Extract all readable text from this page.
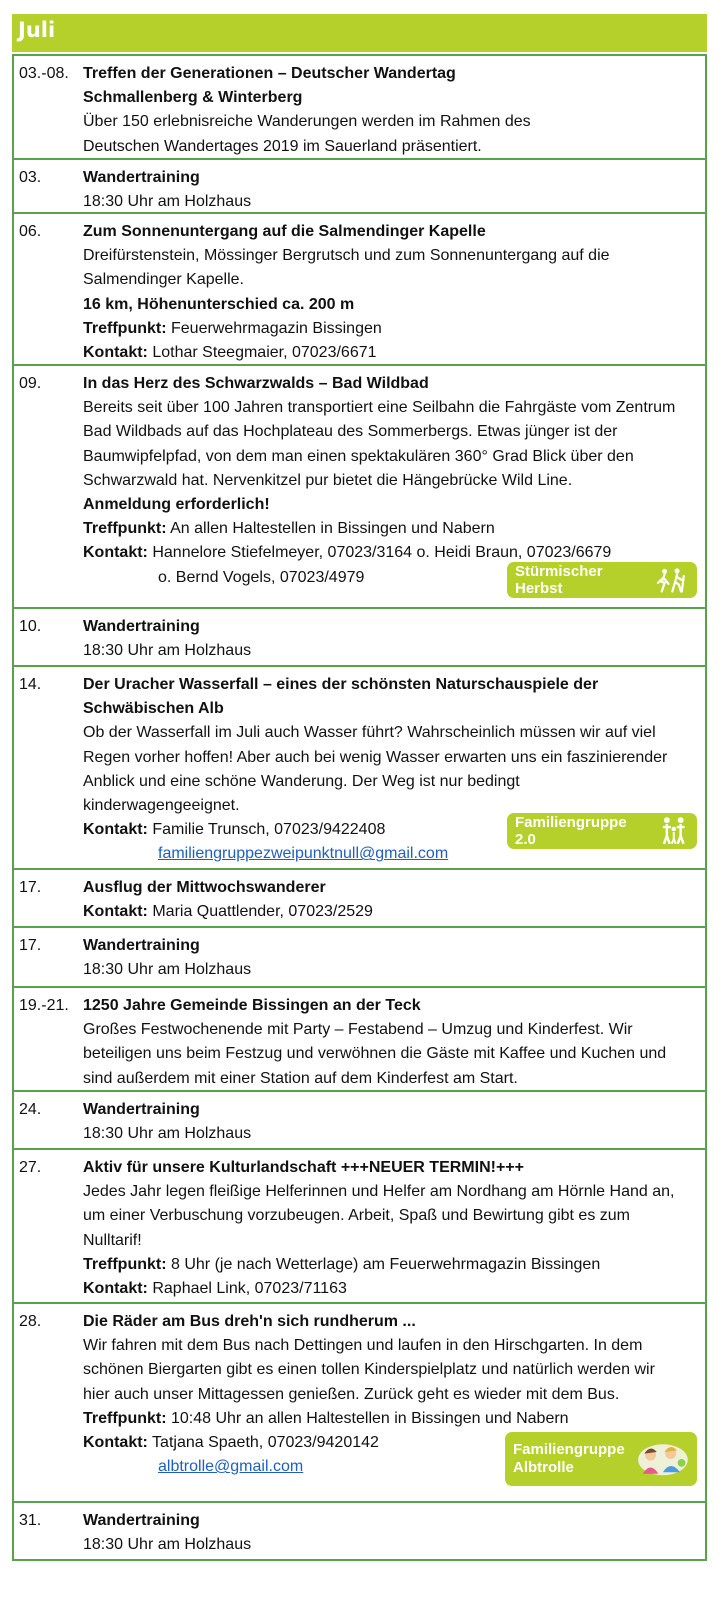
Juli
03.-08. Treffen der Generationen – Deutscher Wandertag
Schmallenberg & Winterberg
Über 150 erlebnisreiche Wanderungen werden im Rahmen des
Deutschen Wandertages 2019 im Sauerland präsentiert.
03.	Wandertraining
18:30 Uhr am Holzhaus
06.	Zum Sonnenuntergang auf die Salmendinger Kapelle
Dreifürstenstein, Mössinger Bergrutsch und zum Sonnenuntergang auf die
Salmendinger Kapelle.
16 km, Höhenunterschied ca. 200 m
Treffpunkt: Feuerwehrmagazin Bissingen
Kontakt: Lothar Steegmaier, 07023/6671
09.	In das Herz des Schwarzwalds – Bad Wildbad
Bereits seit über 100 Jahren transportiert eine Seilbahn die Fahrgäste vom Zentrum
Bad Wildbads auf das Hochplateau des Sommerbergs. Etwas jünger ist der
Baumwipfelpfad, von dem man einen spektakulären 360° Grad Blick über den
Schwarzwald hat. Nervenkitzel pur bietet die Hängebrücke Wild Line.
Anmeldung erforderlich!
Treffpunkt: An allen Haltestellen in Bissingen und Nabern
Kontakt: Hannelore Stiefelmeyer, 07023/3164 o. Heidi Braun, 07023/6679
o. Bernd Vogels, 07023/4979	Stürmischer Herbst
10.	Wandertraining
18:30 Uhr am Holzhaus
14.	Der Uracher Wasserfall – eines der schönsten Naturschauspiele der
Schwäbischen Alb
Ob der Wasserfall im Juli auch Wasser führt? Wahrscheinlich müssen wir auf viel
Regen vorher hoffen! Aber auch bei wenig Wasser erwarten uns ein faszinierender
Anblick und eine schöne Wanderung. Der Weg ist nur bedingt
kinderwagengeeignet.
Kontakt: Familie Trunsch, 07023/9422408
familiengruppezweipunktnull@gmail.com
Familiengruppe 2.0
17.	Ausflug der Mittwochswanderer
Kontakt: Maria Quattlender, 07023/2529
17.	Wandertraining
18:30 Uhr am Holzhaus
19.-21. 1250 Jahre Gemeinde Bissingen an der Teck
Großes Festwochenende mit Party – Festabend – Umzug und Kinderfest. Wir
beteiligen uns beim Festzug und verwöhnen die Gäste mit Kaffee und Kuchen und
sind außerdem mit einer Station auf dem Kinderfest am Start.
24.	Wandertraining
18:30 Uhr am Holzhaus
27.	Aktiv für unsere Kulturlandschaft +++NEUER TERMIN!+++
Jedes Jahr legen fleißige Helferinnen und Helfer am Nordhang am Hörnle Hand an,
um einer Verbuschung vorzubeugen. Arbeit, Spaß und Bewirtung gibt es zum
Nulltarif!
Treffpunkt: 8 Uhr (je nach Wetterlage) am Feuerwehrmagazin Bissingen
Kontakt: Raphael Link, 07023/71163
28.	Die Räder am Bus dreh'n sich rundherum ...
Wir fahren mit dem Bus nach Dettingen und laufen in den Hirschgarten. In dem
schönen Biergarten gibt es einen tollen Kinderspielplatz und natürlich werden wir
hier auch unser Mittagessen genießen. Zurück geht es wieder mit dem Bus.
Treffpunkt: 10:48 Uhr an allen Haltestellen in Bissingen und Nabern
Kontakt: Tatjana Spaeth, 07023/9420142
albtrolle@gmail.com
Familiengruppe
Albtrolle
31.	Wandertraining
18:30 Uhr am Holzhaus
